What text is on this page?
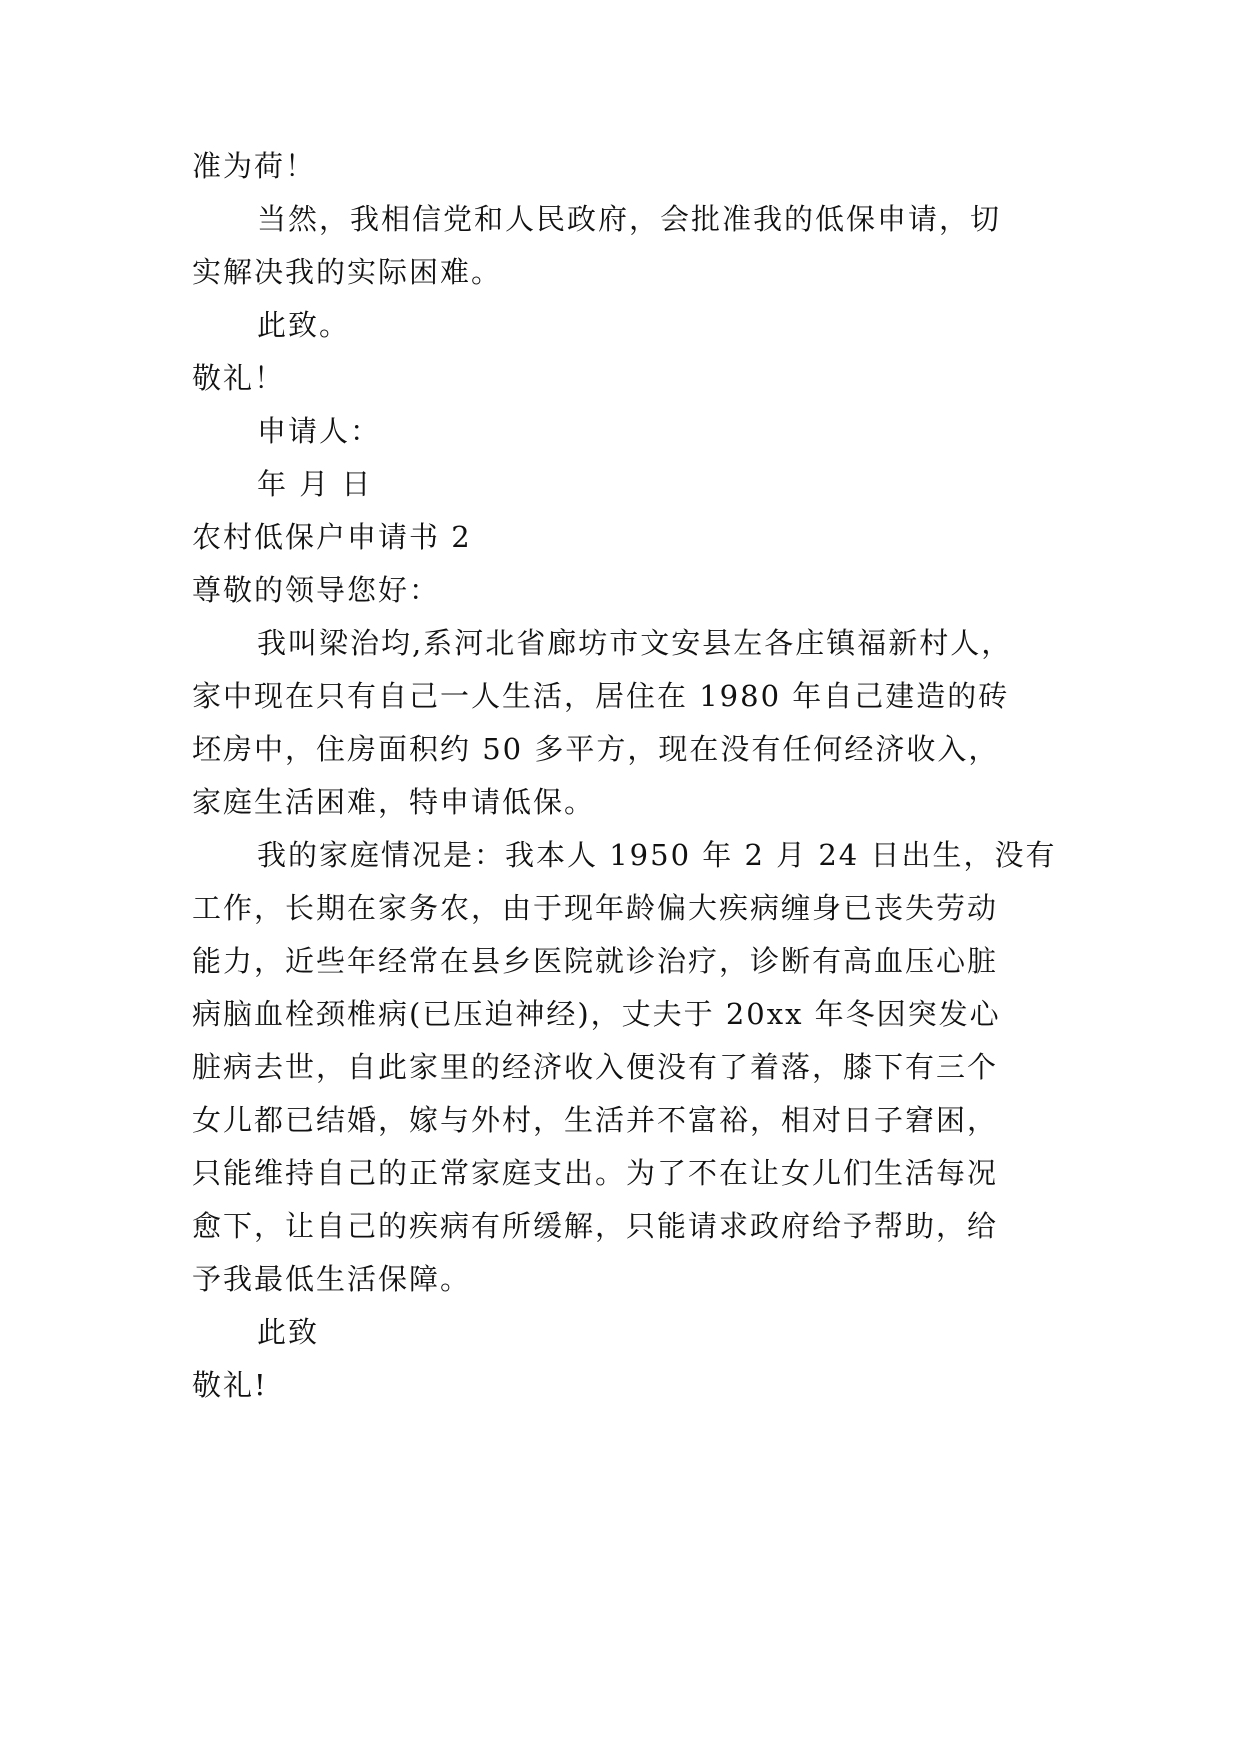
准为荷！
当然，我相信党和人民政府，会批准我的低保申请，切
实解决我的实际困难。
此致。
敬礼！
申请人：
年 月 日
农村低保户申请书 2
尊敬的领导您好：
我叫梁治均,系河北省廊坊市文安县左各庄镇福新村人，
家中现在只有自己一人生活，居住在 1980 年自己建造的砖
坯房中，住房面积约 50 多平方，现在没有任何经济收入，
家庭生活困难，特申请低保。
我的家庭情况是：我本人 1950 年 2 月 24 日出生，没有
工作，长期在家务农，由于现年龄偏大疾病缠身已丧失劳动
能力，近些年经常在县乡医院就诊治疗，诊断有高血压心脏
病脑血栓颈椎病(已压迫神经)，丈夫于 20xx 年冬因突发心
脏病去世，自此家里的经济收入便没有了着落，膝下有三个
女儿都已结婚，嫁与外村，生活并不富裕，相对日子窘困，
只能维持自己的正常家庭支出。为了不在让女儿们生活每况
愈下，让自己的疾病有所缓解，只能请求政府给予帮助，给
予我最低生活保障。
此致
敬礼!
